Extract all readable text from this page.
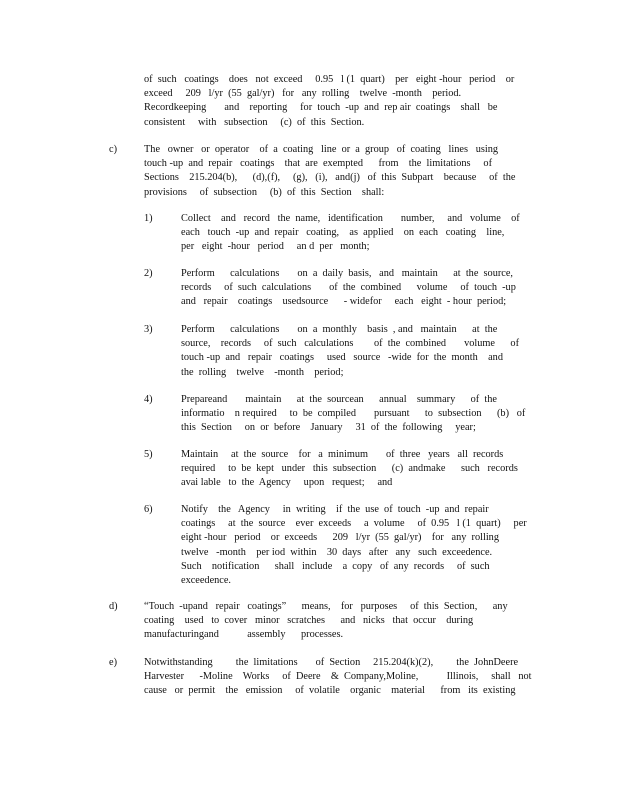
of  such   coatings    does   not  exceed     0.95   l (1  quart)    per   eight -hour   period    or
exceed     209   l/yr  (55  gal/yr)   for   any  rolling    twelve  -month    period.
Recordkeeping       and    reporting     for  touch  -up  and  rep air  coatings    shall   be
consistent     with   subsection     (c)  of  this  Section.
c)	The   owner   or  operator    of  a  coating   line  or  a  group   of  coating   lines   using
touch -up  and  repair   coatings    that  are  exempted      from    the  limitations     of
Sections    215.204(b),      (d),(f),     (g),   (i),   and(j)   of  this  Subpart    because     of  the
provisions     of  subsection     (b)  of  this  Section    shall:
1)	Collect    and   record   the  name,   identification       number,     and   volume    of
each   touch  -up  and  repair   coating,    as  applied    on  each   coating    line,
per   eight  -hour   period     an d  per   month;
2)	Perform      calculations       on  a  daily  basis,   and   maintain      at  the  source,
records     of  such  calculations       of  the  combined      volume     of  touch  -up
and   repair    coatings    usedsource      - widefor     each   eight  - hour  period;
3)	Perform      calculations       on  a  monthly    basis  , and   maintain      at  the
source,    records     of  such   calculations        of  the  combined       volume      of
touch -up  and   repair   coatings     used   source   -wide  for  the  month    and
the  rolling    twelve    -month    period;
4)	Prepareand       maintain      at  the  sourcean      annual    summary      of  the
informatio    n required     to  be  compiled       pursuant      to  subsection      (b)   of
this  Section     on  or  before    January     31  of  the  following     year;
5)	Maintain     at  the  source    for   a  minimum       of  three   years   all  records
required     to  be  kept   under   this  subsection      (c)  andmake      such   records
avai lable   to  the  Agency     upon   request;     and
6)	Notify    the   Agency     in  writing    if  the  use  of  touch  -up  and  repair
coatings     at  the  source    ever  exceeds     a  volume     of  0.95   l (1  quart)     per
eight -hour   period    or  exceeds      209   l/yr  (55  gal/yr)    for   any  rolling
twelve   -month    per iod  within    30  days   after   any   such  exceedence.
Such    notification      shall   include    a  copy   of  any  records     of  such
exceedence.
d)	“Touch  -upand   repair   coatings”      means,    for   purposes     of  this  Section,      any
coating    used   to  cover   minor   scratches      and   nicks   that  occur    during
manufacturingand           assembly      processes.
e)	Notwithstanding         the  limitations       of  Section     215.204(k)(2),         the  JohnDeere
Harvester      -Moline    Works     of  Deere    &  Company,Moline,           Illinois,     shall   not
cause   or  permit    the   emission     of  volatile    organic    material      from   its  existing
